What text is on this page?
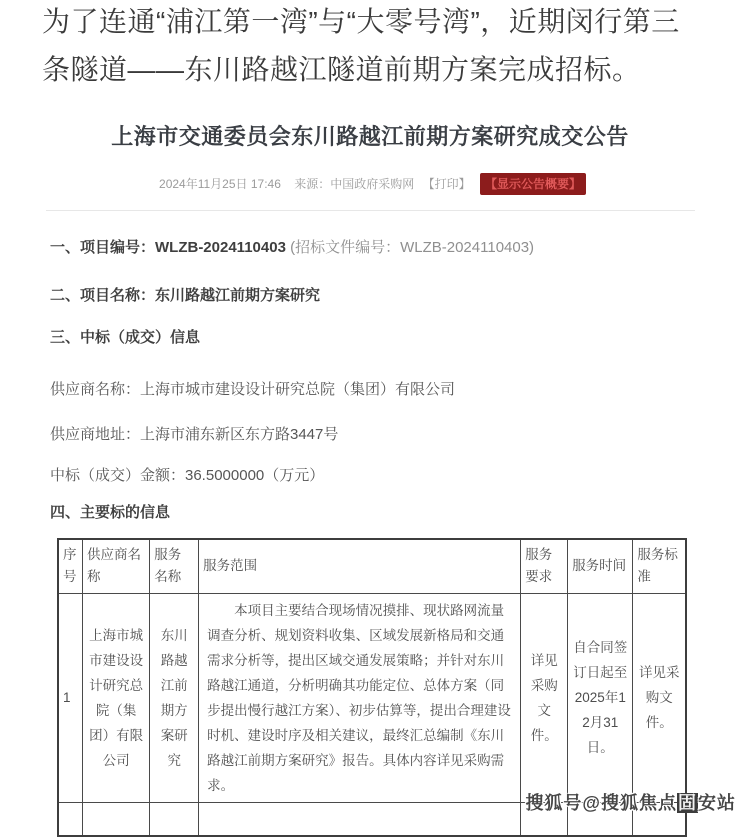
为了连通“浦江第一湾”与“大零号湾”，近期闵行第三条隧道——东川路越江隧道前期方案完成招标。

上海市交通委员会东川路越江前期方案研究成交公告
2024年11月25日 17:46 来源：中国政府采购网 【打印】 【显示公告概要】
一、项目编号：WLZB-2024110403 (招标文件编号：WLZB-2024110403)
二、项目名称：东川路越江前期方案研究
三、中标（成交）信息
供应商名称：上海市城市建设设计研究总院（集团）有限公司
供应商地址：上海市浦东新区东方路3447号
中标（成交）金额：36.5000000（万元）
四、主要标的信息
序号	供应商名称	服务名称	服务范围	服务要求	服务时间	服务标准
1	上海市城市建设设计研究总院（集团）有限公司	东川路越江前期方案研究	本项目主要结合现场情况摸排、现状路网流量调查分析、规划资料收集、区域发展新格局和交通需求分析等，提出区域交通发展策略；并针对东川路越江通道，分析明确其功能定位、总体方案（同步提出慢行越江方案）、初步估算等，提出合理建设时机、建设时序及相关建议，最终汇总编制《东川路越江前期方案研究》报告。具体内容详见采购需求。	详见采购文件。	自合同签订日起至2025年12月31日。	详见采购文件。

搜狐号@搜狐焦点固安站
